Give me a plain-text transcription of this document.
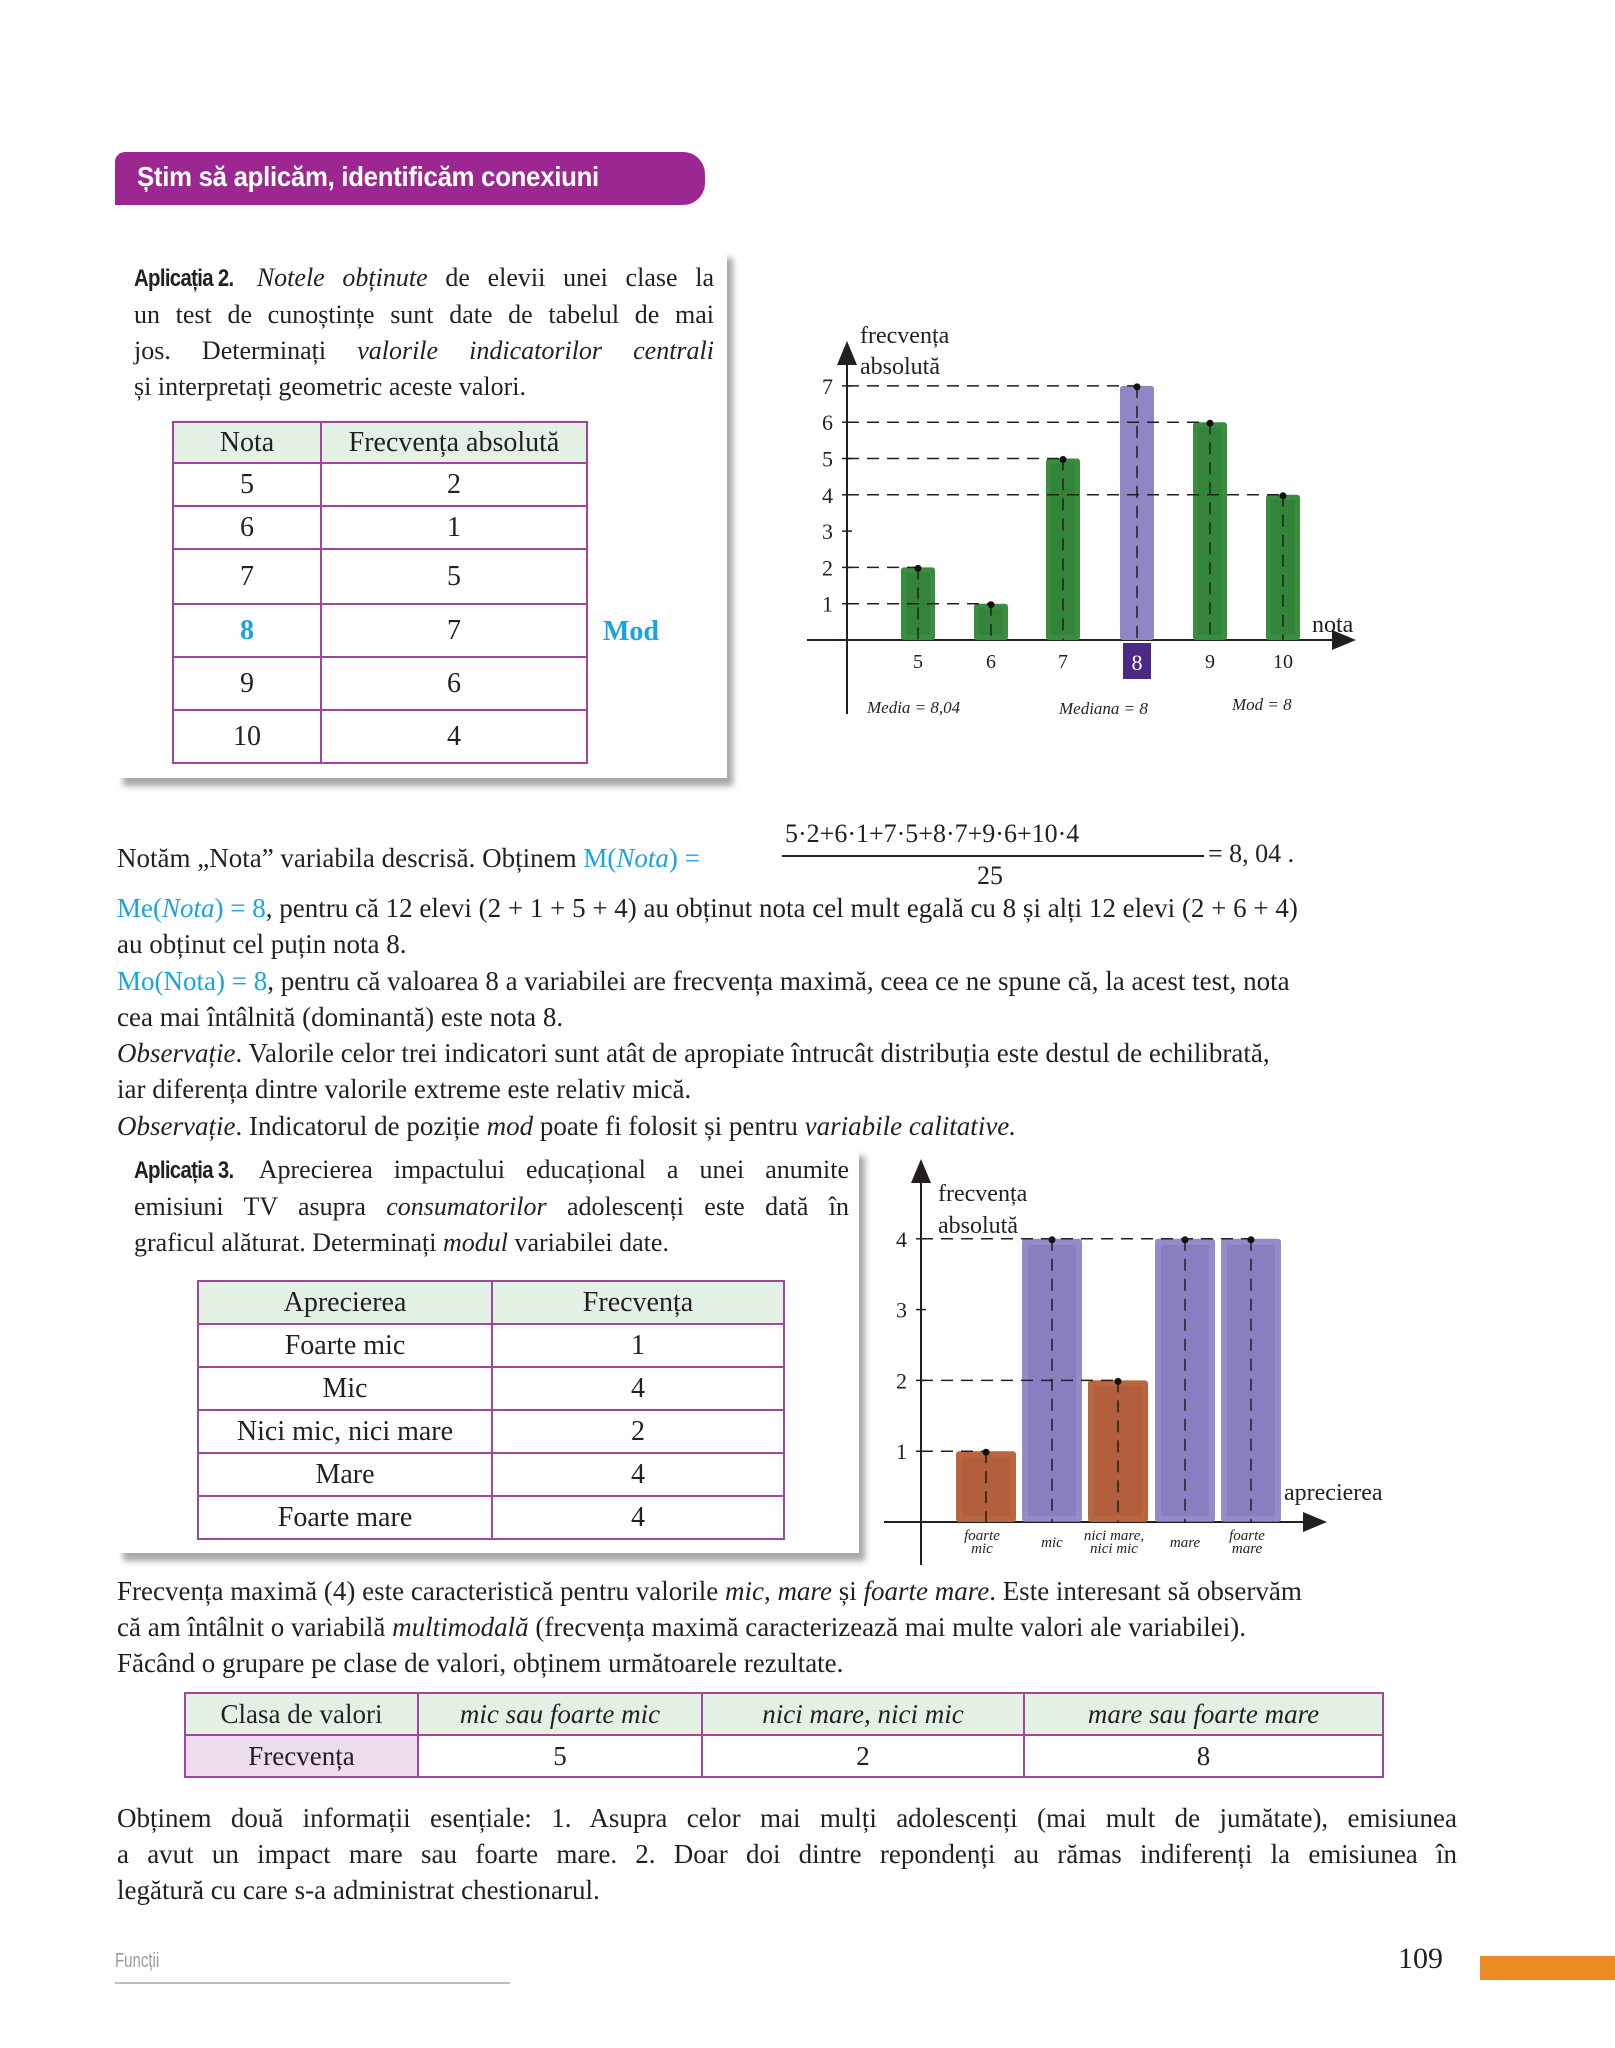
Știm să aplicăm, identificăm conexiuni
Aplicația 2. Notele obținute de elevii unei clase la
un test de cunoștințe sunt date de tabelul de mai
jos. Determinați valorile indicatorilor centrali
și interpretați geometric aceste valori.
Nota	Frecvența absolută
5	2
6	1
7	5
8	7
9	6
10	4
Mod
1
2
3
4
5
6
7
5	6	7	8	9	10
frecvența
absolută
nota
Media = 8,04	Mediana = 8	Mod = 8
Notăm „Nota” variabila descrisă. Obținem M(Nota) =
5·2+6·1+7·5+8·7+9·6+10·4
25
= 8, 04 .
Me(Nota) = 8, pentru că 12 elevi (2 + 1 + 5 + 4) au obținut nota cel mult egală cu 8 și alți 12 elevi (2 + 6 + 4)
au obținut cel puțin nota 8.
Mo(Nota) = 8, pentru că valoarea 8 a variabilei are frecvența maximă, ceea ce ne spune că, la acest test, nota
cea mai întâlnită (dominantă) este nota 8.
Observație. Valorile celor trei indicatori sunt atât de apropiate întrucât distribuția este destul de echilibrată,
iar diferența dintre valorile extreme este relativ mică.
Observație. Indicatorul de poziție mod poate fi folosit și pentru variabile calitative.
Aplicația 3. Aprecierea impactului educațional a unei anumite
emisiuni TV asupra consumatorilor adolescenți este dată în
graficul alăturat. Determinați modul variabilei date.
Aprecierea	Frecvența
Foarte mic	1
Mic	4
Nici mic, nici mare	2
Mare	4
Foarte mare	4
1
2
3
4
foarte
mic	mic nici mare,
nici mic mare foarte
mare
frecvența
absolută
aprecierea
Frecvența maximă (4) este caracteristică pentru valorile mic, mare și foarte mare. Este interesant să observăm
că am întâlnit o variabilă multimodală (frecvența maximă caracterizează mai multe valori ale variabilei).
Făcând o grupare pe clase de valori, obținem următoarele rezultate.
Clasa de valori	mic sau foarte mic	nici mare, nici mic	mare sau foarte mare
Frecvența	5	2	8
Obținem două informații esențiale: 1. Asupra celor mai mulți adolescenți (mai mult de jumătate), emisiunea
a avut un impact mare sau foarte mare. 2. Doar doi dintre repondenți au rămas indiferenți la emisiunea în
legătură cu care s-a administrat chestionarul.
Funcții	109
